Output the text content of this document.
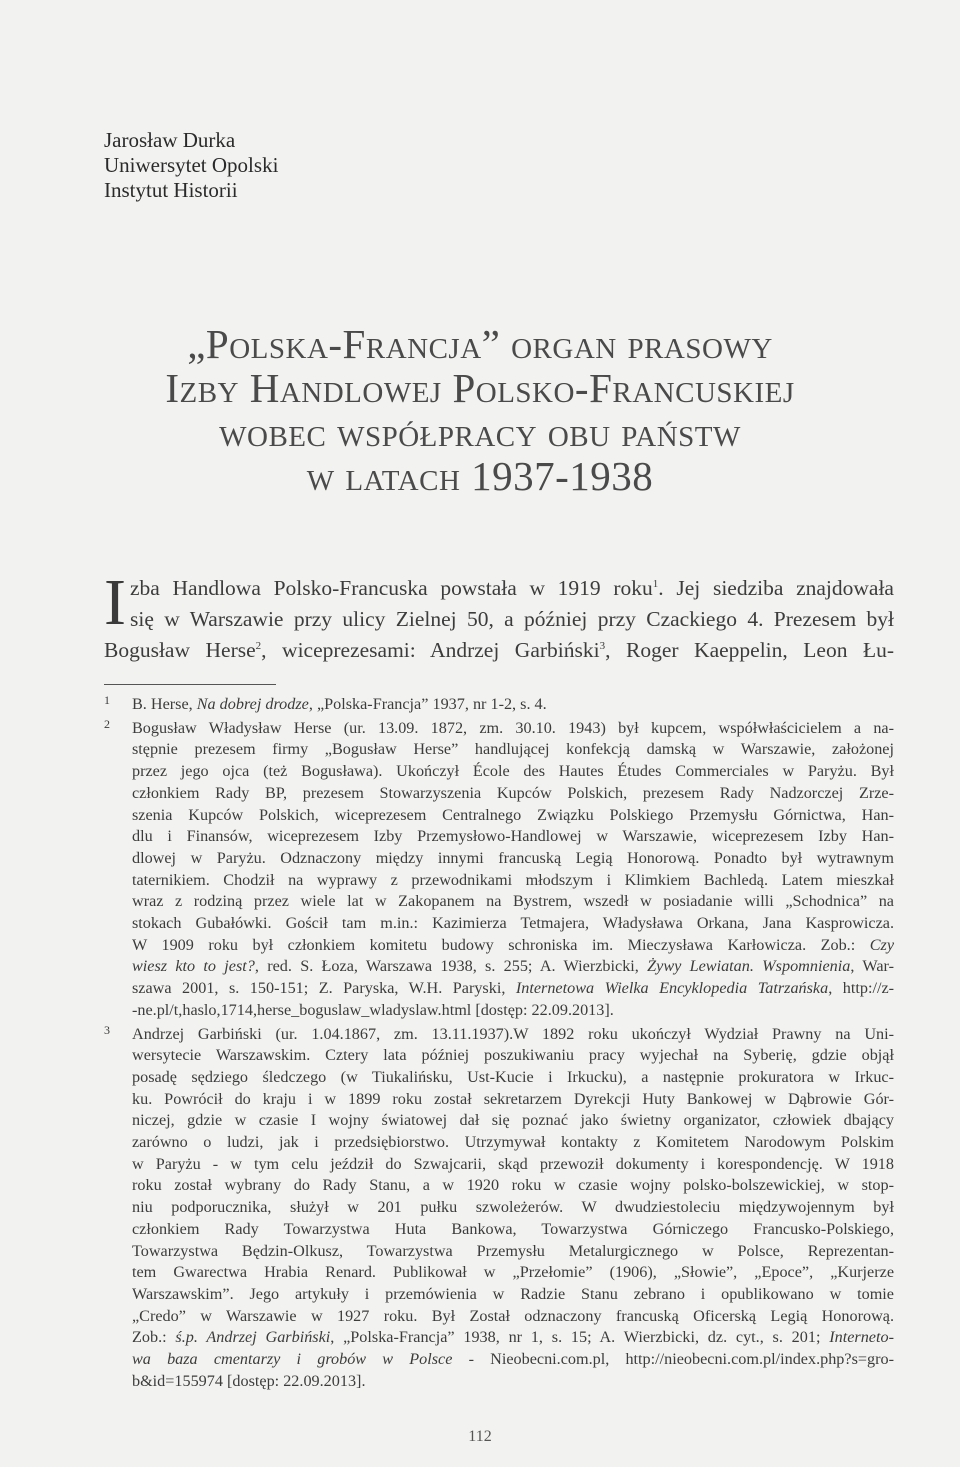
Jarosław Durka
Uniwersytet Opolski
Instytut Historii
„Polska-Francja” organ prasowy
Izby Handlowej Polsko-Francuskiej
wobec współpracy obu państw
w latach 1937-1938
I zba Handlowa Polsko-Francuska powstała w 1919 roku$^1$. Jej siedziba znajdowała
się w Warszawie przy ulicy Zielnej 50, a później przy Czackiego 4. Prezesem był
Bogusław Herse$^2$, wiceprezesami: Andrzej Garbiński$^3$, Roger Kaeppelin, Leon Łu-
1 B. Herse, Na dobrej drodze, „Polska-Francja” 1937, nr 1-2, s. 4.
2 Bogusław Władysław Herse (ur. 13.09. 1872, zm. 30.10. 1943) był kupcem, współwłaścicielem a na-
stępnie prezesem firmy „Bogusław Herse” handlującej konfekcją damską w Warszawie, założonej
przez jego ojca (też Bogusława). Ukończył École des Hautes Études Commerciales w Paryżu. Był
członkiem Rady BP, prezesem Stowarzyszenia Kupców Polskich, prezesem Rady Nadzorczej Zrze-
szenia Kupców Polskich, wiceprezesem Centralnego Związku Polskiego Przemysłu Górnictwa, Han-
dlu i Finansów, wiceprezesem Izby Przemysłowo-Handlowej w Warszawie, wiceprezesem Izby Han-
dlowej w Paryżu. Odznaczony między innymi francuską Legią Honorową. Ponadto był wytrawnym
taternikiem. Chodził na wyprawy z przewodnikami młodszym i Klimkiem Bachledą. Latem mieszkał
wraz z rodziną przez wiele lat w Zakopanem na Bystrem, wszedł w posiadanie willi „Schodnica” na
stokach Gubałówki. Gościł tam m.in.: Kazimierza Tetmajera, Władysława Orkana, Jana Kasprowicza.
W 1909 roku był członkiem komitetu budowy schroniska im. Mieczysława Karłowicza. Zob.: Czy
wiesz kto to jest?, red. S. Łoza, Warszawa 1938, s. 255; A. Wierzbicki, Żywy Lewiatan. Wspomnienia, War-
szawa 2001, s. 150-151; Z. Paryska, W.H. Paryski, Internetowa Wielka Encyklopedia Tatrzańska, http://z-
-ne.pl/t,haslo,1714,herse_boguslaw_wladyslaw.html [dostęp: 22.09.2013].
3 Andrzej Garbiński (ur. 1.04.1867, zm. 13.11.1937).W 1892 roku ukończył Wydział Prawny na Uni-
wersytecie Warszawskim. Cztery lata później poszukiwaniu pracy wyjechał na Syberię, gdzie objął
posadę sędziego śledczego (w Tiukalińsku, Ust-Kucie i Irkucku), a następnie prokuratora w Irkuc-
ku. Powrócił do kraju i w 1899 roku został sekretarzem Dyrekcji Huty Bankowej w Dąbrowie Gór-
niczej, gdzie w czasie I wojny światowej dał się poznać jako świetny organizator, człowiek dbający
zarówno o ludzi, jak i przedsiębiorstwo. Utrzymywał kontakty z Komitetem Narodowym Polskim
w Paryżu - w tym celu jeździł do Szwajcarii, skąd przewoził dokumenty i korespondencję. W 1918
roku został wybrany do Rady Stanu, a w 1920 roku w czasie wojny polsko-bolszewickiej, w stop-
niu podporucznika, służył w 201 pułku szwoleżerów. W dwudziestoleciu międzywojennym był
członkiem Rady Towarzystwa Huta Bankowa, Towarzystwa Górniczego Francusko-Polskiego,
Towarzystwa Będzin-Olkusz, Towarzystwa Przemysłu Metalurgicznego w Polsce, Reprezentan-
tem Gwarectwa Hrabia Renard. Publikował w „Przełomie” (1906), „Słowie”, „Epoce”, „Kurjerze
Warszawskim”. Jego artykuły i przemówienia w Radzie Stanu zebrano i opublikowano w tomie
„Credo” w Warszawie w 1927 roku. Był Został odznaczony francuską Oficerską Legią Honorową.
Zob.: ś.p. Andrzej Garbiński, „Polska-Francja” 1938, nr 1, s. 15; A. Wierzbicki, dz. cyt., s. 201; Interneto-
wa baza cmentarzy i grobów w Polsce - Nieobecni.com.pl, http://nieobecni.com.pl/index.php?s=gro-
b&id=155974 [dostęp: 22.09.2013].
112
